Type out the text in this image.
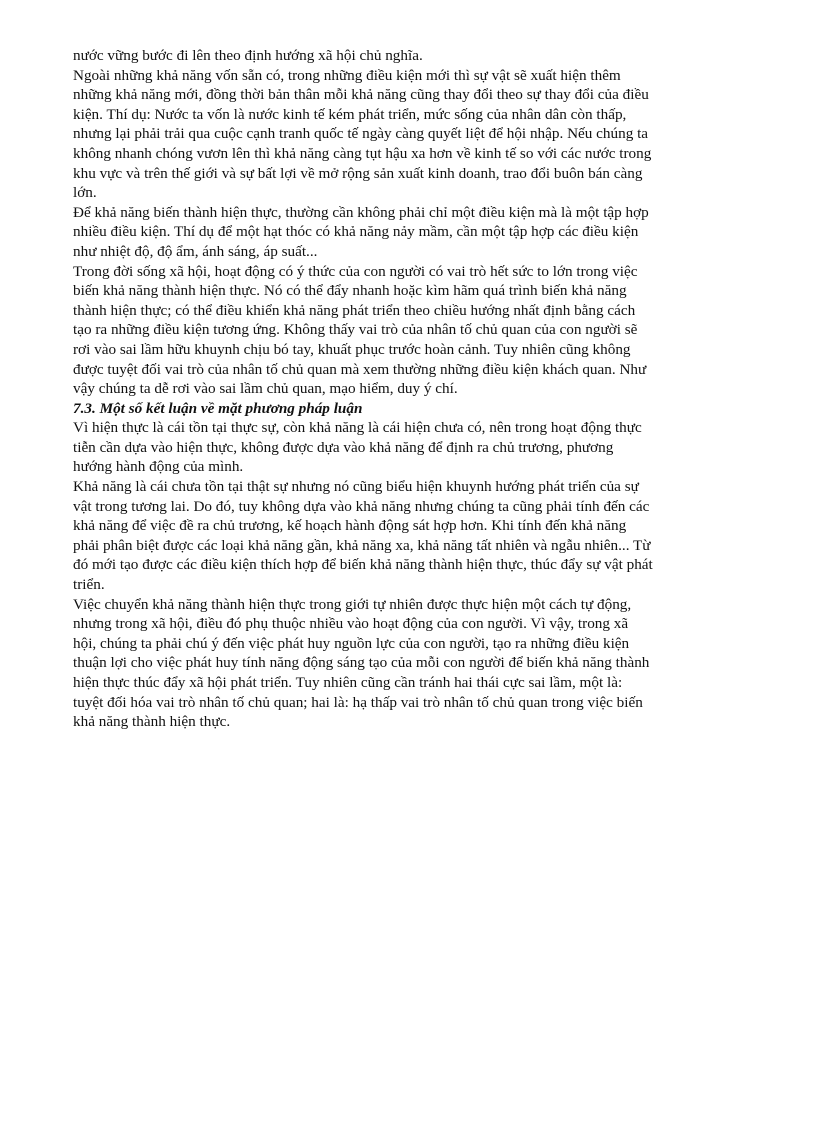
nước vững bước đi lên theo định hướng xã hội chủ nghĩa.
Ngoài những khả năng vốn sẵn có, trong những điều kiện mới thì sự vật sẽ xuất hiện thêm
những khả năng mới, đồng thời bản thân mỗi khả năng cũng thay đổi theo sự thay đổi của điều
kiện. Thí dụ: Nước ta vốn là nước kinh tế kém phát triển, mức sống của nhân dân còn thấp,
nhưng lại phải trải qua cuộc cạnh tranh quốc tế ngày càng quyết liệt để hội nhập. Nếu chúng ta
không nhanh chóng vươn lên thì khả năng càng tụt hậu xa hơn về kinh tế so với các nước trong
khu vực và trên thế giới và sự bất lợi về mở rộng sản xuất kinh doanh, trao đổi buôn bán càng
lớn.
Để khả năng biến thành hiện thực, thường cần không phải chỉ một điều kiện mà là một tập hợp
nhiều điều kiện. Thí dụ để một hạt thóc có khả năng nảy mầm, cần một tập hợp các điều kiện
như nhiệt độ, độ ẩm, ánh sáng, áp suất...
Trong đời sống xã hội, hoạt động có ý thức của con người có vai trò hết sức to lớn trong việc
biến khả năng thành hiện thực. Nó có thể đẩy nhanh hoặc kìm hãm quá trình biến khả năng
thành hiện thực; có thể điều khiển khả năng phát triển theo chiều hướng nhất định bằng cách
tạo ra những điều kiện tương ứng. Không thấy vai trò của nhân tố chủ quan của con người sẽ
rơi vào sai lầm hữu khuynh chịu bó tay, khuất phục trước hoàn cảnh. Tuy nhiên cũng không
được tuyệt đối vai trò của nhân tố chủ quan mà xem thường những điều kiện khách quan. Như
vậy chúng ta dễ rơi vào sai lầm chủ quan, mạo hiểm, duy ý chí.
7.3. Một số kết luận về mặt phương pháp luận
Vì hiện thực là cái tồn tại thực sự, còn khả năng là cái hiện chưa có, nên trong hoạt động thực
tiễn cần dựa vào hiện thực, không được dựa vào khả năng để định ra chủ trương, phương
hướng hành động của mình.
Khả năng là cái chưa tồn tại thật sự nhưng nó cũng biểu hiện khuynh hướng phát triển của sự
vật trong tương lai. Do đó, tuy không dựa vào khả năng nhưng chúng ta cũng phải tính đến các
khả năng để việc đề ra chủ trương, kế hoạch hành động sát hợp hơn. Khi tính đến khả năng
phải phân biệt được các loại khả năng gần, khả năng xa, khả năng tất nhiên và ngẫu nhiên... Từ
đó mới tạo được các điều kiện thích hợp để biến khả năng thành hiện thực, thúc đẩy sự vật phát
triển.
Việc chuyển khả năng thành hiện thực trong giới tự nhiên được thực hiện một cách tự động,
nhưng trong xã hội, điều đó phụ thuộc nhiều vào hoạt động của con người. Vì vậy, trong xã
hội, chúng ta phải chú ý đến việc phát huy nguồn lực của con người, tạo ra những điều kiện
thuận lợi cho việc phát huy tính năng động sáng tạo của mỗi con người để biến khả năng thành
hiện thực thúc đẩy xã hội phát triển. Tuy nhiên cũng cần tránh hai thái cực sai lầm, một là:
tuyệt đối hóa vai trò nhân tố chủ quan; hai là: hạ thấp vai trò nhân tố chủ quan trong việc biến
khả năng thành hiện thực.
